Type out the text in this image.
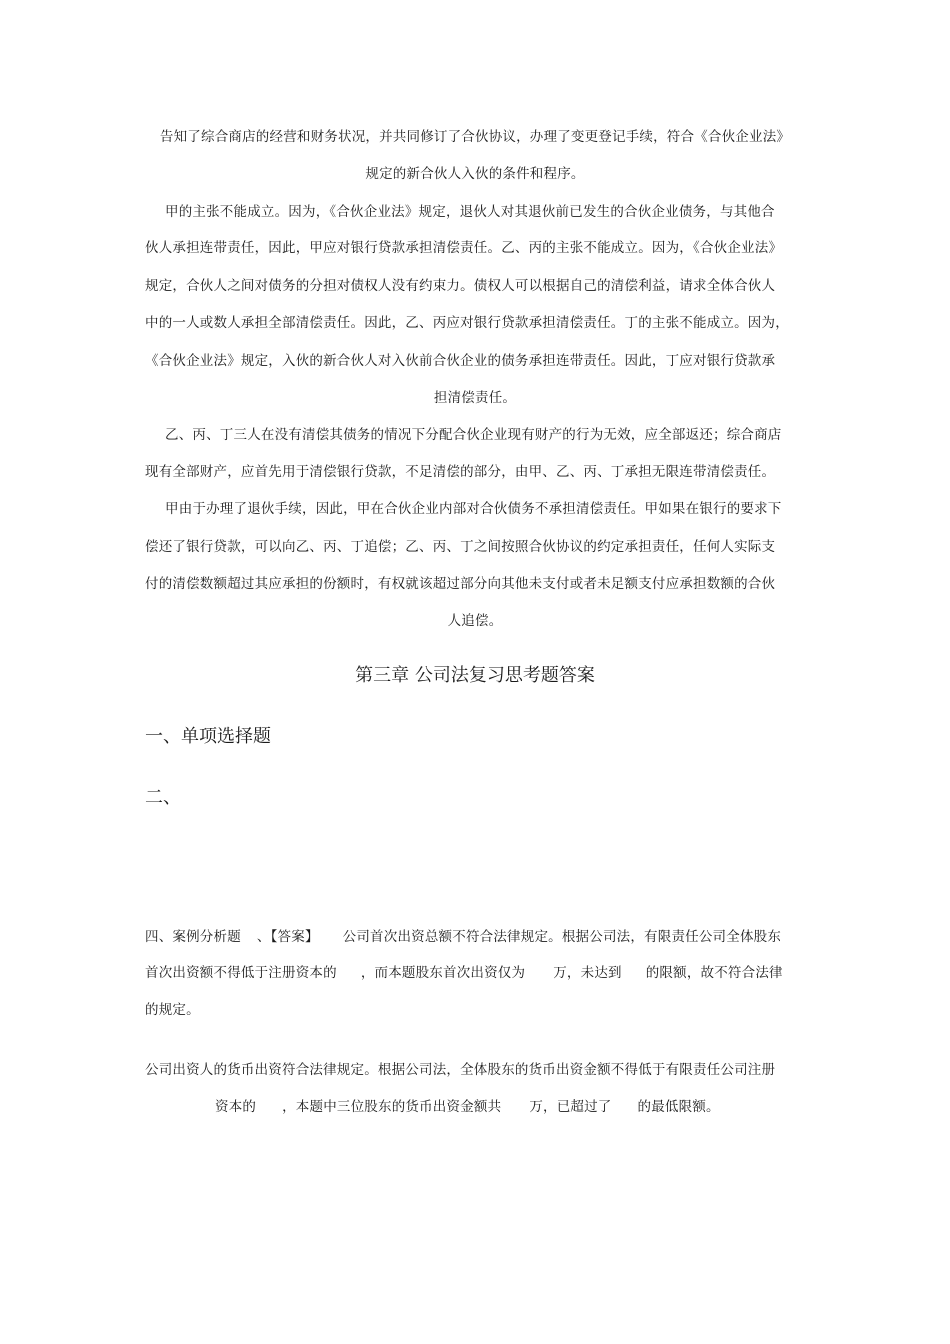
告知了综合商店的经营和财务状况，并共同修订了合伙协议，办理了变更登记手续，符合《合伙企业法》
规定的新合伙人入伙的条件和程序。
甲的主张不能成立。因为，《合伙企业法》规定，退伙人对其退伙前已发生的合伙企业债务，与其他合
伙人承担连带责任，因此，甲应对银行贷款承担清偿责任。乙、丙的主张不能成立。因为，《合伙企业法》
规定，合伙人之间对债务的分担对债权人没有约束力。债权人可以根据自己的清偿利益，请求全体合伙人
中的一人或数人承担全部清偿责任。因此，乙、丙应对银行贷款承担清偿责任。丁的主张不能成立。因为，
《合伙企业法》规定，入伙的新合伙人对入伙前合伙企业的债务承担连带责任。因此，丁应对银行贷款承
担清偿责任。
乙、丙、丁三人在没有清偿其债务的情况下分配合伙企业现有财产的行为无效，应全部返还；综合商店
现有全部财产，应首先用于清偿银行贷款，不足清偿的部分，由甲、乙、丙、丁承担无限连带清偿责任。
甲由于办理了退伙手续，因此，甲在合伙企业内部对合伙债务不承担清偿责任。甲如果在银行的要求下
偿还了银行贷款，可以向乙、丙、丁追偿；乙、丙、丁之间按照合伙协议的约定承担责任，任何人实际支
付的清偿数额超过其应承担的份额时，有权就该超过部分向其他未支付或者未足额支付应承担数额的合伙
人追偿。
第三章 公司法复习思考题答案
一、单项选择题
二、
四、案例分析题 、【答案】 公司首次出资总额不符合法律规定。根据公司法，有限责任公司全体股东
首次出资额不得低于注册资本的 ，而本题股东首次出资仅为 万，未达到 的限额，故不符合法律
的规定。
公司出资人的货币出资符合法律规定。根据公司法，全体股东的货币出资金额不得低于有限责任公司注册
资本的 ，本题中三位股东的货币出资金额共 万，已超过了 的最低限额。
